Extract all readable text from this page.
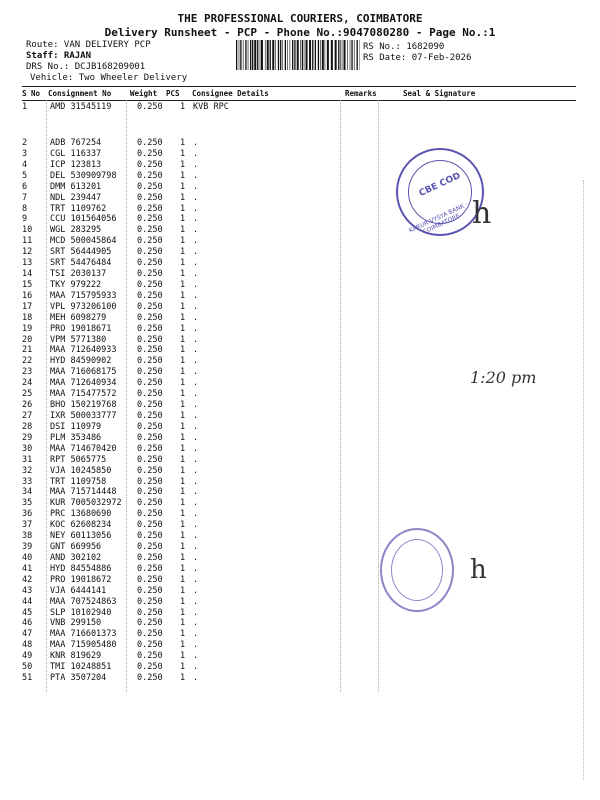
THE PROFESSIONAL COURIERS, COIMBATORE
Delivery Runsheet - PCP - Phone No.:9047080280 - Page No.:1
Route: VAN DELIVERY PCP
Staff: RAJAN
DRS No.: DCJB168209001
Vehicle: Two Wheeler Delivery
RS No.: 1682090
RS Date: 07-Feb-2026
S No Consignment No	Weight PCS Consignee Details	Remarks	Seal & Signature
1	AMD 31545119	0.250 1 KVB RPC
2	ADB 767254	0.250 1 .
3	CGL 116337	0.250 1 .
4	ICP 123813	0.250 1 .
5	DEL 530909798 0.250 1 .
6	DMM 613201	0.250 1 .
7	NDL 239447	0.250 1 .
8	TRT 1109762	0.250 1 .
9	CCU 101564056 0.250 1 .
10 WGL 283295	0.250 1 .
11 MCD 500045864 0.250 1 .
12 SRT 56444905	0.250 1 .
13 SRT 54476484	0.250 1 .
14 TSI 2030137	0.250 1 .
15 TKY 979222	0.250 1 .
16 MAA 715795933 0.250 1 .
17 VPL 973206100 0.250 1 .
18 MEH 6098279	0.250 1 .
19 PRO 19018671	0.250 1 .
20 VPM 5771380	0.250 1 .
21 MAA 712640933 0.250 1 .
22 HYD 84590902	0.250 1 .
23 MAA 716068175 0.250 1 .
24 MAA 712640934 0.250 1 .
25 MAA 715477572 0.250 1 .
26 BHO 150219768 0.250 1 .
27 IXR 500033777 0.250 1 .
28 DSI 110979	0.250 1 .
29 PLM 353486	0.250 1 .
30 MAA 714670420 0.250 1 .
31 RPT 5065775	0.250 1 .
32 VJA 10245850	0.250 1 .
33 TRT 1109758	0.250 1 .
34 MAA 715714448 0.250 1 .
35 KUR 7005032972 0.250 1 .
36 PRC 13680690	0.250 1 .
37 KOC 62608234	0.250 1 .
38 NEY 60113056	0.250 1 .
39 GNT 669956	0.250 1 .
40 AND 302102	0.250 1 .
41 HYD 84554886	0.250 1 .
42 PRO 19018672	0.250 1 .
43 VJA 6444141	0.250 1 .
44 MAA 707524863 0.250 1 .
45 SLP 10102940	0.250 1 .
46 VNB 299150	0.250 1 .
47 MAA 716601373 0.250 1 .
48 MAA 715905480 0.250 1 .
49 KNR 819629	0.250 1 .
50 TMI 10248851	0.250 1 .
51 PTA 3507204	0.250 1 .
CBE COD
KARUR VYSYA BANK · COIMBATORE h
1:20 pm
h
